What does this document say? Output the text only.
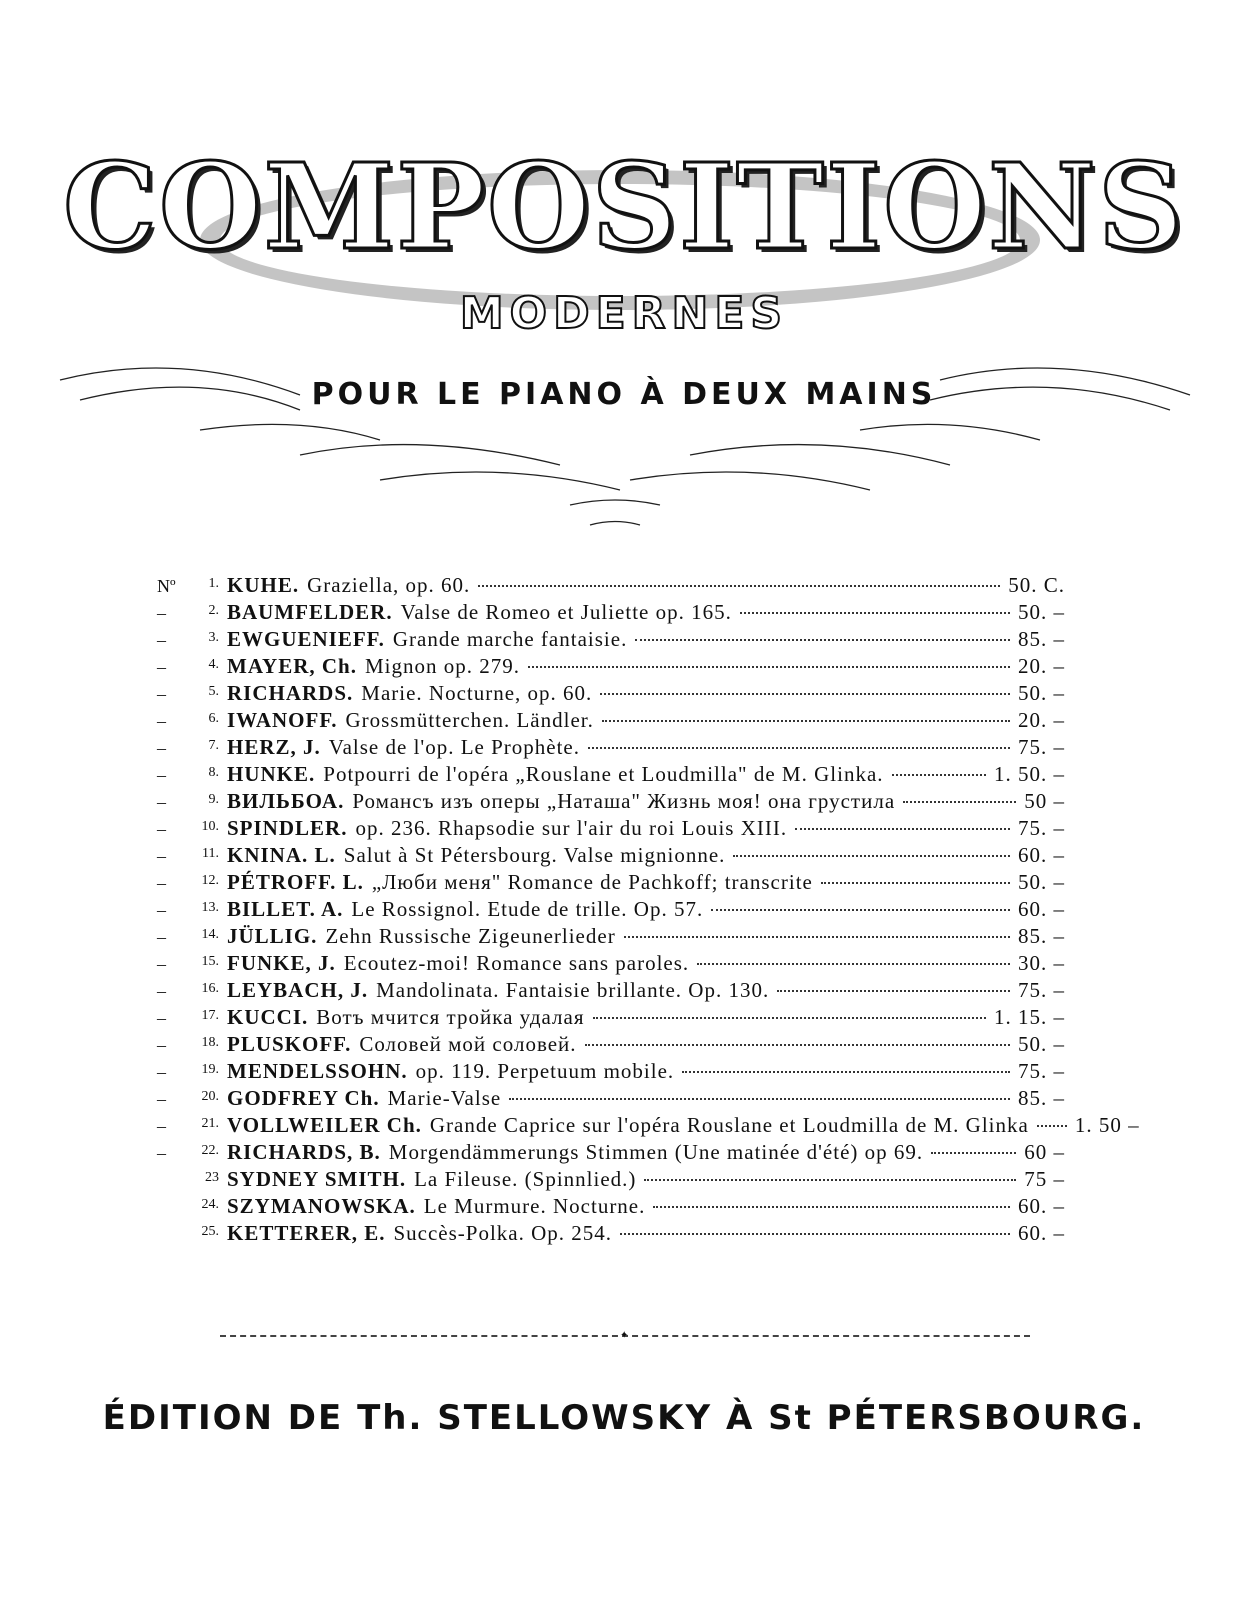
COMPOSITIONS
MODERNES
POUR LE PIANO À DEUX MAINS
Nº 1. KUHE. Graziella, op. 60.	50. C.
–	2. BAUMFELDER. Valse de Romeo et Juliette op. 165.	50. –
–	3. EWGUENIEFF. Grande marche fantaisie.	85. –
–	4. MAYER, Ch. Mignon op. 279.	20. –
–	5. RICHARDS. Marie. Nocturne, op. 60.	50. –
–	6. IWANOFF. Grossmütterchen. Ländler.	20. –
–	7. HERZ, J. Valse de l'op. Le Prophète.	75. –
–	8. HUNKE. Potpourri de l'opéra „Rouslane et Loudmilla" de M. Glinka.	1. 50. –
–	9. ВИЛЬБОА. Романсъ изъ оперы „Наташа" Жизнь моя! она грустила	50 –
–	10. SPINDLER. op. 236. Rhapsodie sur l'air du roi Louis XIII.	75. –
–	11. KNINA. L. Salut à St Pétersbourg. Valse mignionne.	60. –
–	12. PÉTROFF. L. „Люби меня" Romance de Pachkoff; transcrite	50. –
–	13. BILLET. A. Le Rossignol. Etude de trille. Op. 57.	60. –
–	14. JÜLLIG. Zehn Russische Zigeunerlieder	85. –
–	15. FUNKE, J. Ecoutez-moi! Romance sans paroles.	30. –
–	16. LEYBACH, J. Mandolinata. Fantaisie brillante. Op. 130.	75. –
–	17. KUCCI. Вотъ мчится тройка удалая	1. 15. –
–	18. PLUSKOFF. Соловей мой соловей.	50. –
–	19. MENDELSSOHN. op. 119. Perpetuum mobile.	75. –
–	20. GODFREY Ch. Marie-Valse	85. –
–	21. VOLLWEILER Ch. Grande Caprice sur l'opéra Rouslane et Loudmilla de M. Glinka 1. 50 –
–	22. RICHARDS, B. Morgendämmerungs Stimmen (Une matinée d'été) op 69.	60 –
23 SYDNEY SMITH. La Fileuse. (Spinnlied.)	75 –
24. SZYMANOWSKA. Le Murmure. Nocturne.	60. –
25. KETTERER, E. Succès-Polka. Op. 254.	60. –
✦
ÉDITION DE Th. STELLOWSKY À St PÉTERSBOURG.
